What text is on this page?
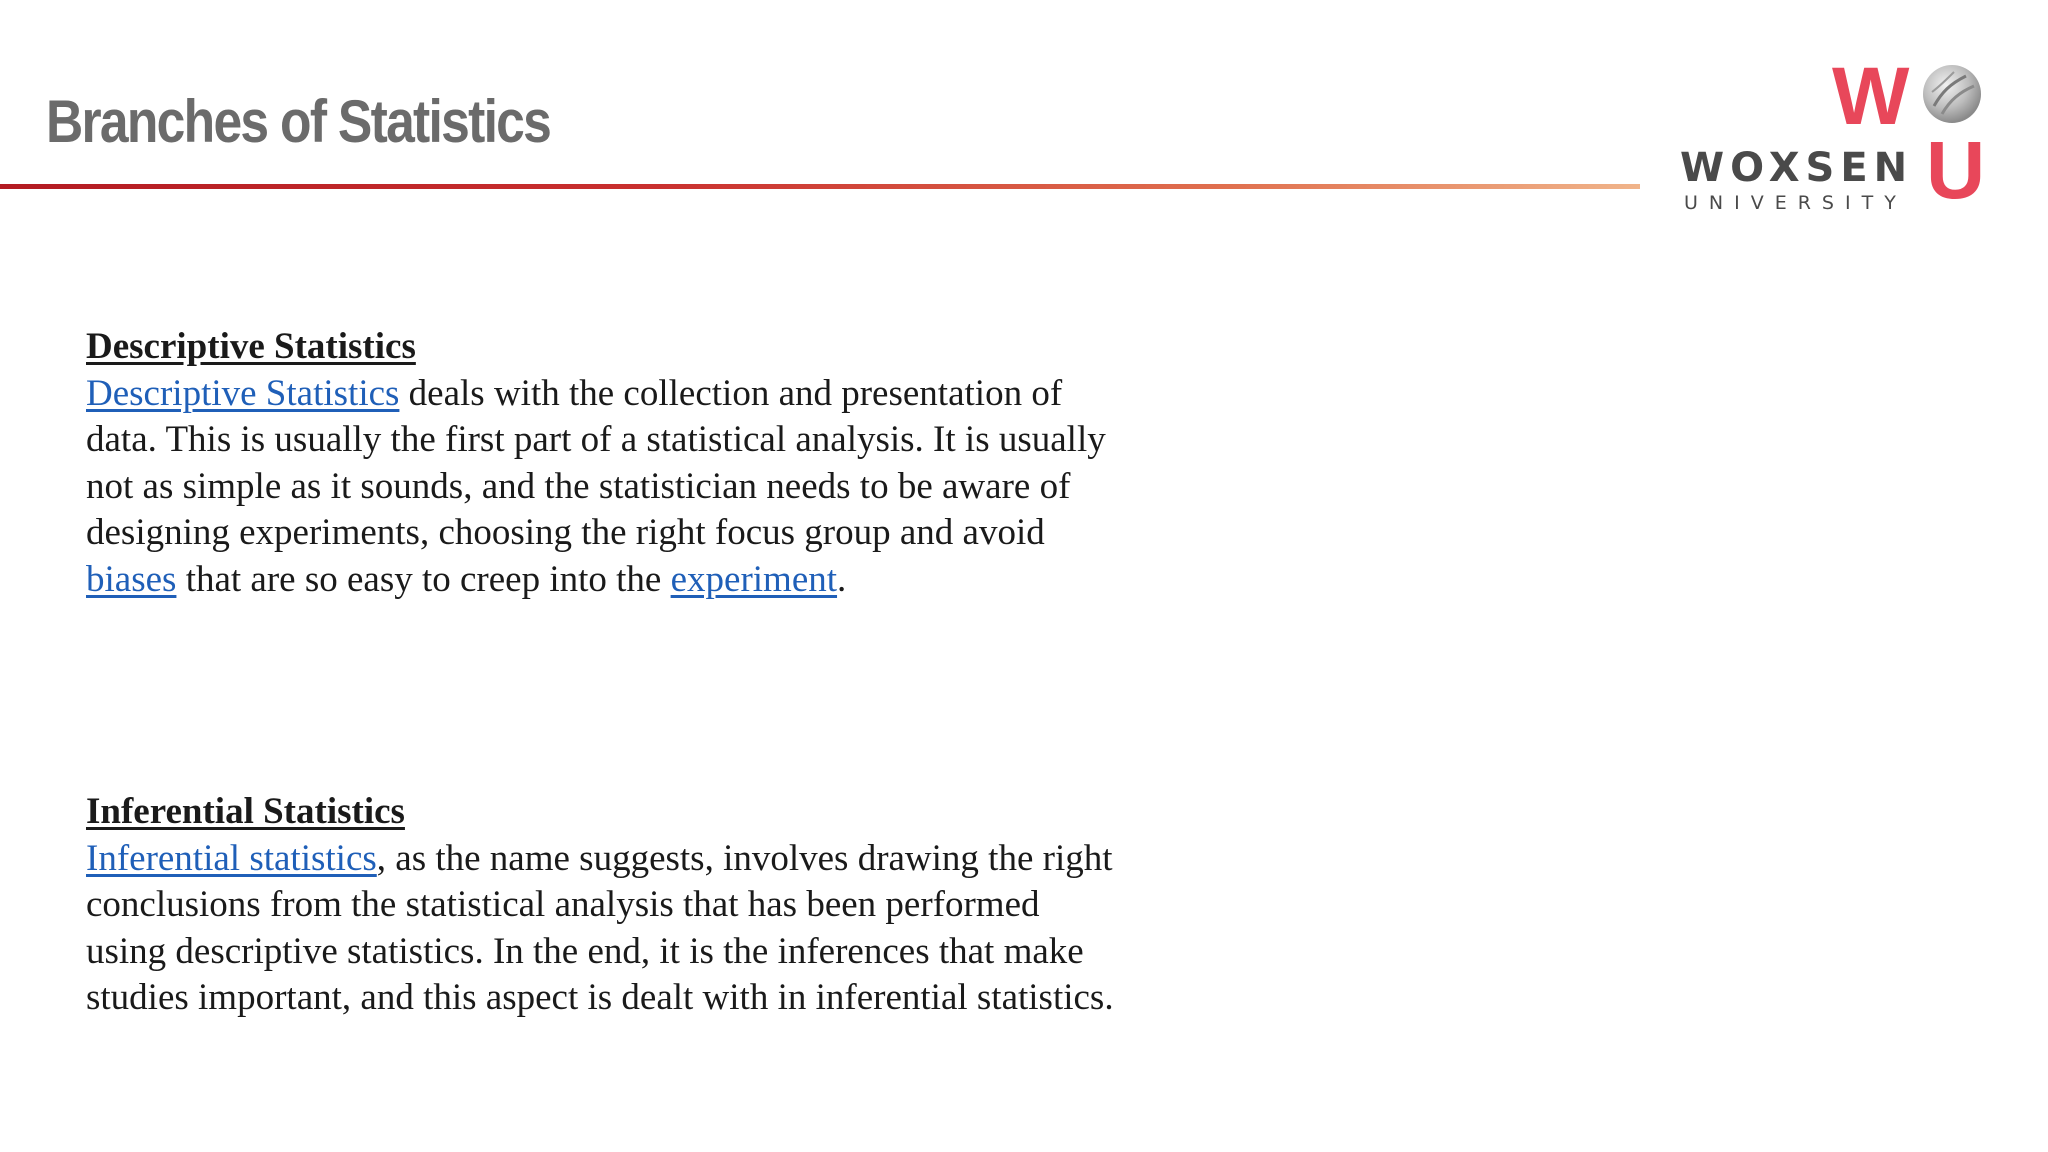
Branches of Statistics	W
U
WOXSEN
UNIVERSITY
Descriptive Statistics

Descriptive Statistics deals with the collection and presentation of data. This is usually the first part of a statistical analysis. It is usually not as simple as it sounds, and the statistician needs to be aware of designing experiments, choosing the right focus group and avoid biases that are so easy to creep into the experiment.

Inferential Statistics

Inferential statistics, as the name suggests, involves drawing the right conclusions from the statistical analysis that has been performed using descriptive statistics. In the end, it is the inferences that make studies important, and this aspect is dealt with in inferential statistics.
